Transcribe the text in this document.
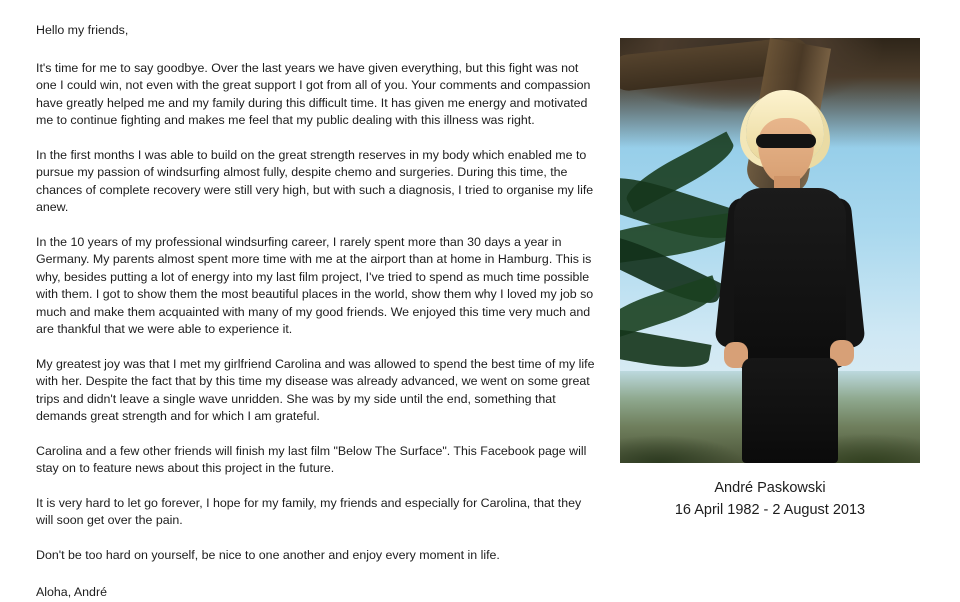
Hello my friends,

It's time for me to say goodbye. Over the last years we have given everything, but this fight was not one I could win, not even with the great support I got from all of you. Your comments and compassion have greatly helped me and my family during this difficult time. It has given me energy and motivated me to continue fighting and makes me feel that my public dealing with this illness was right.

In the first months I was able to build on the great strength reserves in my body which enabled me to pursue my passion of windsurfing almost fully, despite chemo and surgeries. During this time, the chances of complete recovery were still very high, but with such a diagnosis, I tried to organise my life anew.

In the 10 years of my professional windsurfing career, I rarely spent more than 30 days a year in Germany. My parents almost spent more time with me at the airport than at home in Hamburg. This is why, besides putting a lot of energy into my last film project, I've tried to spend as much time possible with them. I got to show them the most beautiful places in the world, show them why I loved my job so much and make them acquainted with many of my good friends. We enjoyed this time very much and are thankful that we were able to experience it.

My greatest joy was that I met my girlfriend Carolina and was allowed to spend the best time of my life with her. Despite the fact that by this time my disease was already advanced, we went on some great trips and didn't leave a single wave unridden. She was by my side until the end, something that demands great strength and for which I am grateful.

Carolina and a few other friends will finish my last film "Below The Surface". This Facebook page will stay on to feature news about this project in the future.

It is very hard to let go forever, I hope for my family, my friends and especially for Carolina, that they will soon get over the pain.

Don't be too hard on yourself, be nice to one another and enjoy every moment in life.

Aloha, André

André Paskowski
16 April 1982 - 2 August 2013
